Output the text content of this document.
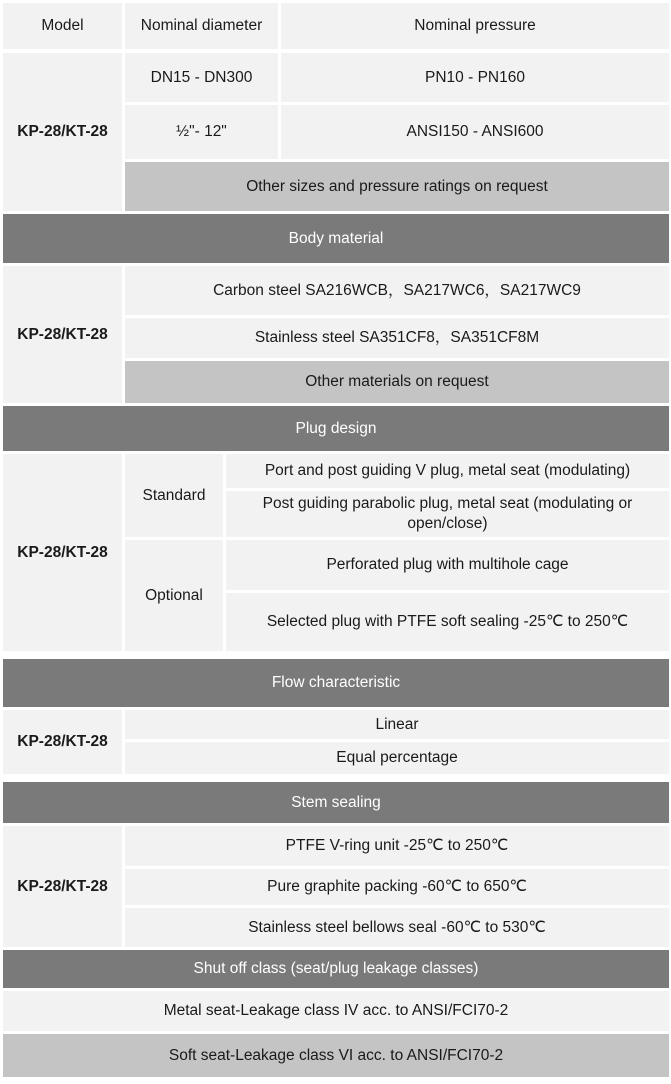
Model	Nominal diameter	Nominal pressure
KP-28/KT-28
DN15 - DN300	PN10 - PN160
½"- 12"	ANSI150 - ANSI600
Other sizes and pressure ratings on request
Body material
KP-28/KT-28
Carbon steel SA216WCB，SA217WC6，SA217WC9
Stainless steel SA351CF8，SA351CF8M
Other materials on request
Plug design
KP-28/KT-28
Standard
Port and post guiding V plug, metal seat (modulating)
Post guiding parabolic plug, metal seat (modulating or open/close)
Optional
Perforated plug with multihole cage
Selected plug with PTFE soft sealing -25℃ to 250℃
Flow characteristic
KP-28/KT-28
Linear
Equal percentage
Stem sealing
KP-28/KT-28
PTFE V-ring unit -25℃ to 250℃
Pure graphite packing -60℃ to 650℃
Stainless steel bellows seal -60℃ to 530℃
Shut off class (seat/plug leakage classes)
Metal seat-Leakage class IV acc. to ANSI/FCI70-2
Soft seat-Leakage class VI acc. to ANSI/FCI70-2
